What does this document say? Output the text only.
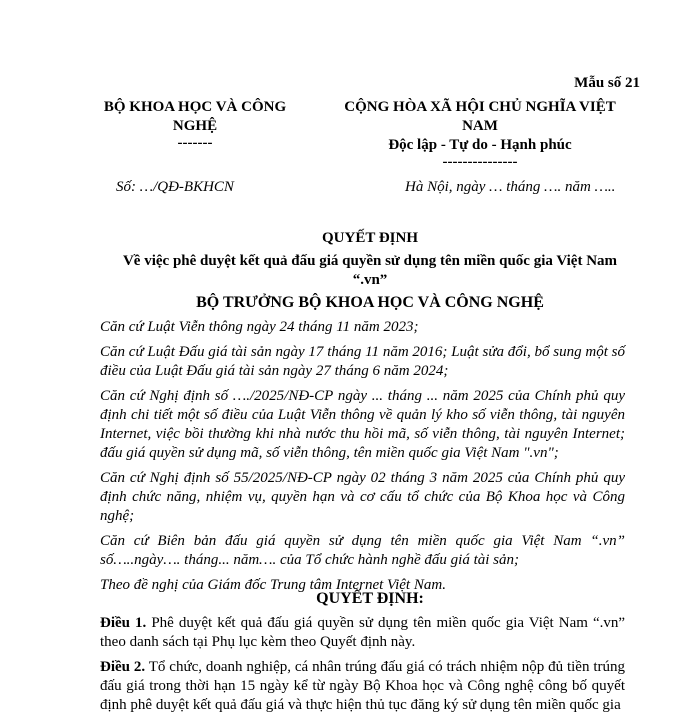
Mẫu số 21
BỘ KHOA HỌC VÀ CÔNG
NGHỆ
-------
CỘNG HÒA XÃ HỘI CHỦ NGHĨA VIỆT
NAM
Độc lập - Tự do - Hạnh phúc
---------------
Số: …/QĐ-BKHCN	Hà Nội, ngày … tháng …. năm …..
QUYẾT ĐỊNH
Về việc phê duyệt kết quả đấu giá quyền sử dụng tên miền quốc gia Việt Nam
“.vn”
BỘ TRƯỞNG BỘ KHOA HỌC VÀ CÔNG NGHỆ

Căn cứ Luật Viễn thông ngày 24 tháng 11 năm 2023;

Căn cứ Luật Đấu giá tài sản ngày 17 tháng 11 năm 2016; Luật sửa đổi, bổ sung một số điều của Luật Đấu giá tài sản ngày 27 tháng 6 năm 2024;

Căn cứ Nghị định số …./2025/NĐ-CP ngày ... tháng ... năm 2025 của Chính phủ quy định chi tiết một số điều của Luật Viễn thông về quản lý kho số viễn thông, tài nguyên Internet, việc bồi thường khi nhà nước thu hồi mã, số viễn thông, tài nguyên Internet; đấu giá quyền sử dụng mã, số viễn thông, tên miền quốc gia Việt Nam ".vn";

Căn cứ Nghị định số 55/2025/NĐ-CP ngày 02 tháng 3 năm 2025 của Chính phủ quy định chức năng, nhiệm vụ, quyền hạn và cơ cấu tổ chức của Bộ Khoa học và Công nghệ;

Căn cứ Biên bản đấu giá quyền sử dụng tên miền quốc gia Việt Nam “.vn” số…..ngày…. tháng... năm…. của Tổ chức hành nghề đấu giá tài sản;

Theo đề nghị của Giám đốc Trung tâm Internet Việt Nam.

QUYẾT ĐỊNH:

Điều 1. Phê duyệt kết quả đấu giá quyền sử dụng tên miền quốc gia Việt Nam “.vn” theo danh sách tại Phụ lục kèm theo Quyết định này.

Điều 2. Tổ chức, doanh nghiệp, cá nhân trúng đấu giá có trách nhiệm nộp đủ tiền trúng đấu giá trong thời hạn 15 ngày kể từ ngày Bộ Khoa học và Công nghệ công bố quyết định phê duyệt kết quả đấu giá và thực hiện thủ tục đăng ký sử dụng tên miền quốc gia
